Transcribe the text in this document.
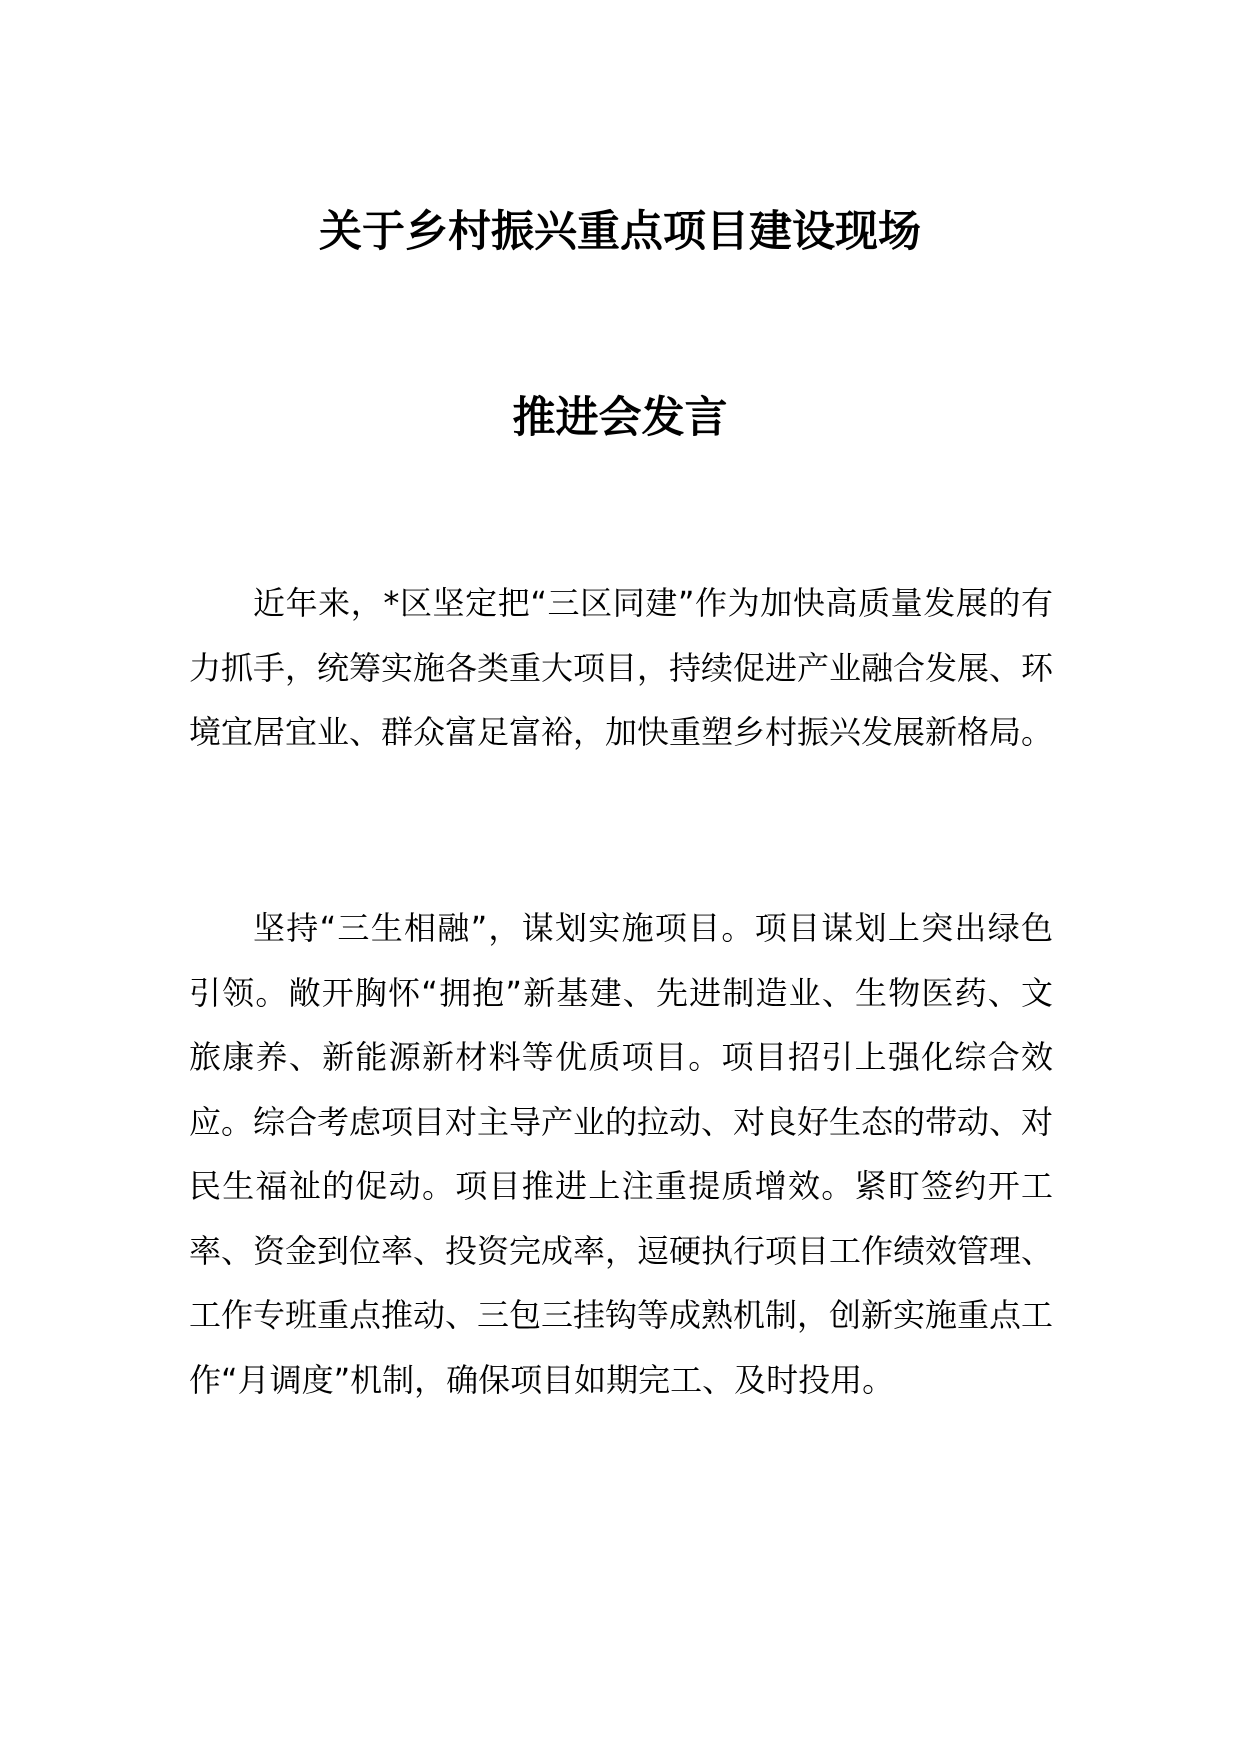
关于乡村振兴重点项目建设现场
推进会发言

近年来，*区坚定把“三区同建”作为加快高质量发展的有力抓手，统筹实施各类重大项目，持续促进产业融合发展、环境宜居宜业、群众富足富裕，加快重塑乡村振兴发展新格局。

坚持“三生相融”，谋划实施项目。项目谋划上突出绿色引领。敞开胸怀“拥抱”新基建、先进制造业、生物医药、文旅康养、新能源新材料等优质项目。项目招引上强化综合效应。综合考虑项目对主导产业的拉动、对良好生态的带动、对民生福祉的促动。项目推进上注重提质增效。紧盯签约开工率、资金到位率、投资完成率，逗硬执行项目工作绩效管理、工作专班重点推动、三包三挂钩等成熟机制，创新实施重点工作“月调度”机制，确保项目如期完工、及时投用。
